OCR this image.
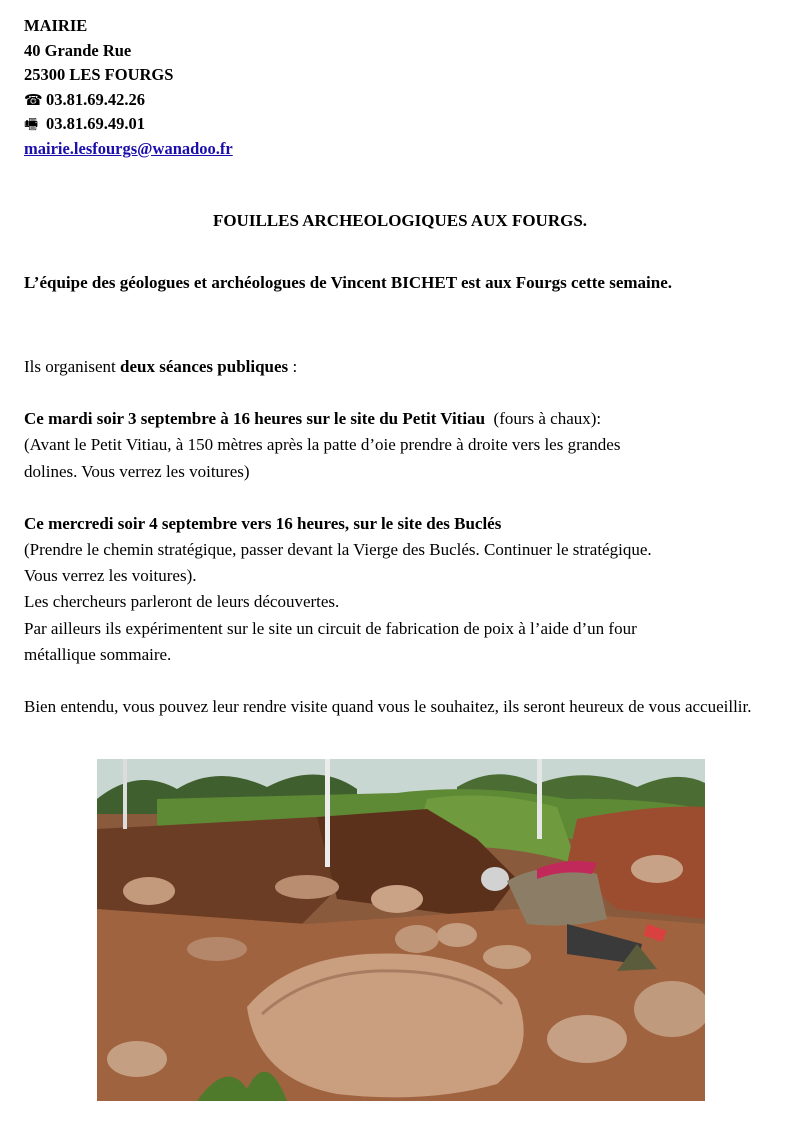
MAIRIE
40 Grande Rue
25300 LES FOURGS
☎ 03.81.69.42.26
🖷 03.81.69.49.01
mairie.lesfourgs@wanadoo.fr
FOUILLES ARCHEOLOGIQUES AUX FOURGS.
L’équipe des géologues et archéologues de Vincent BICHET est aux Fourgs cette semaine.

Ils organisent deux séances publiques :

Ce mardi soir 3 septembre à 16 heures sur le site du Petit Vitiau  (fours à chaux):

(Avant le Petit Vitiau, à 150 mètres après la patte d’oie prendre à droite vers les grandes

dolines. Vous verrez les voitures)

Ce mercredi soir 4 septembre vers 16 heures, sur le site des Buclés

(Prendre le chemin stratégique, passer devant la Vierge des Buclés. Continuer le stratégique.

Vous verrez les voitures).

Les chercheurs parleront de leurs découvertes.

Par ailleurs ils expérimentent sur le site un circuit de fabrication de poix à l’aide d’un four

métallique sommaire.

Bien entendu, vous pouvez leur rendre visite quand vous le souhaitez, ils seront heureux de vous accueillir.
